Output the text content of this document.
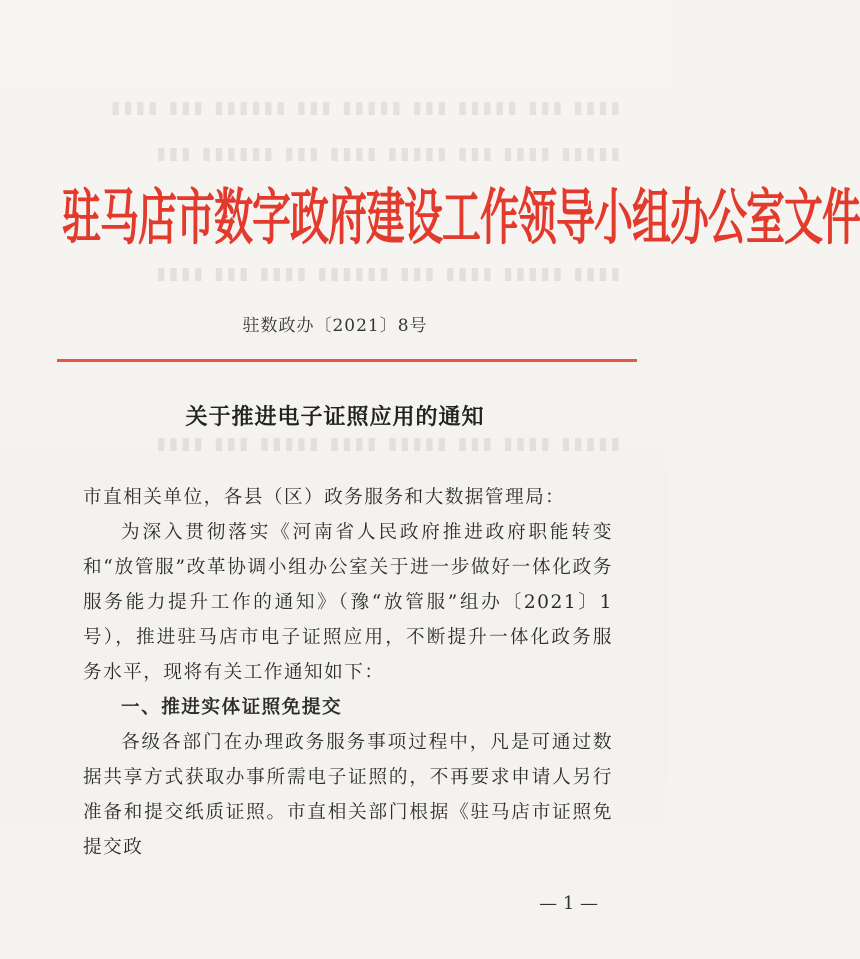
▮▮▮▮ ▮▮▮ ▮▮▮▮▮ ▮▮▮ ▮▮▮▮▮ ▮▮▮ ▮▮▮▮▮▮ ▮▮▮ ▮▮▮▮
▮▮▮▮▮ ▮▮▮▮ ▮▮▮ ▮▮▮▮▮ ▮▮▮▮ ▮▮▮ ▮▮▮▮▮▮ ▮▮▮
▮▮▮▮ ▮▮▮▮▮ ▮▮▮▮ ▮▮▮ ▮▮▮▮▮▮ ▮▮▮▮ ▮▮▮ ▮▮▮▮
▮▮▮▮▮ ▮▮▮▮ ▮▮▮ ▮▮▮▮▮ ▮▮▮▮ ▮▮▮▮▮ ▮▮▮ ▮▮▮▮
驻马店市数字政府建设工作领导小组办公室文件
驻数政办〔2021〕8号
关于推进电子证照应用的通知
市直相关单位，各县（区）政务服务和大数据管理局：
为深入贯彻落实《河南省人民政府推进政府职能转变和“放管服”改革协调小组办公室关于进一步做好一体化政务服务能力提升工作的通知》（豫“放管服”组办〔2021〕1号），推进驻马店市电子证照应用，不断提升一体化政务服务水平，现将有关工作通知如下：
一、推进实体证照免提交
各级各部门在办理政务服务事项过程中，凡是可通过数据共享方式获取办事所需电子证照的，不再要求申请人另行准备和提交纸质证照。市直相关部门根据《驻马店市证照免提交政
— 1 —
